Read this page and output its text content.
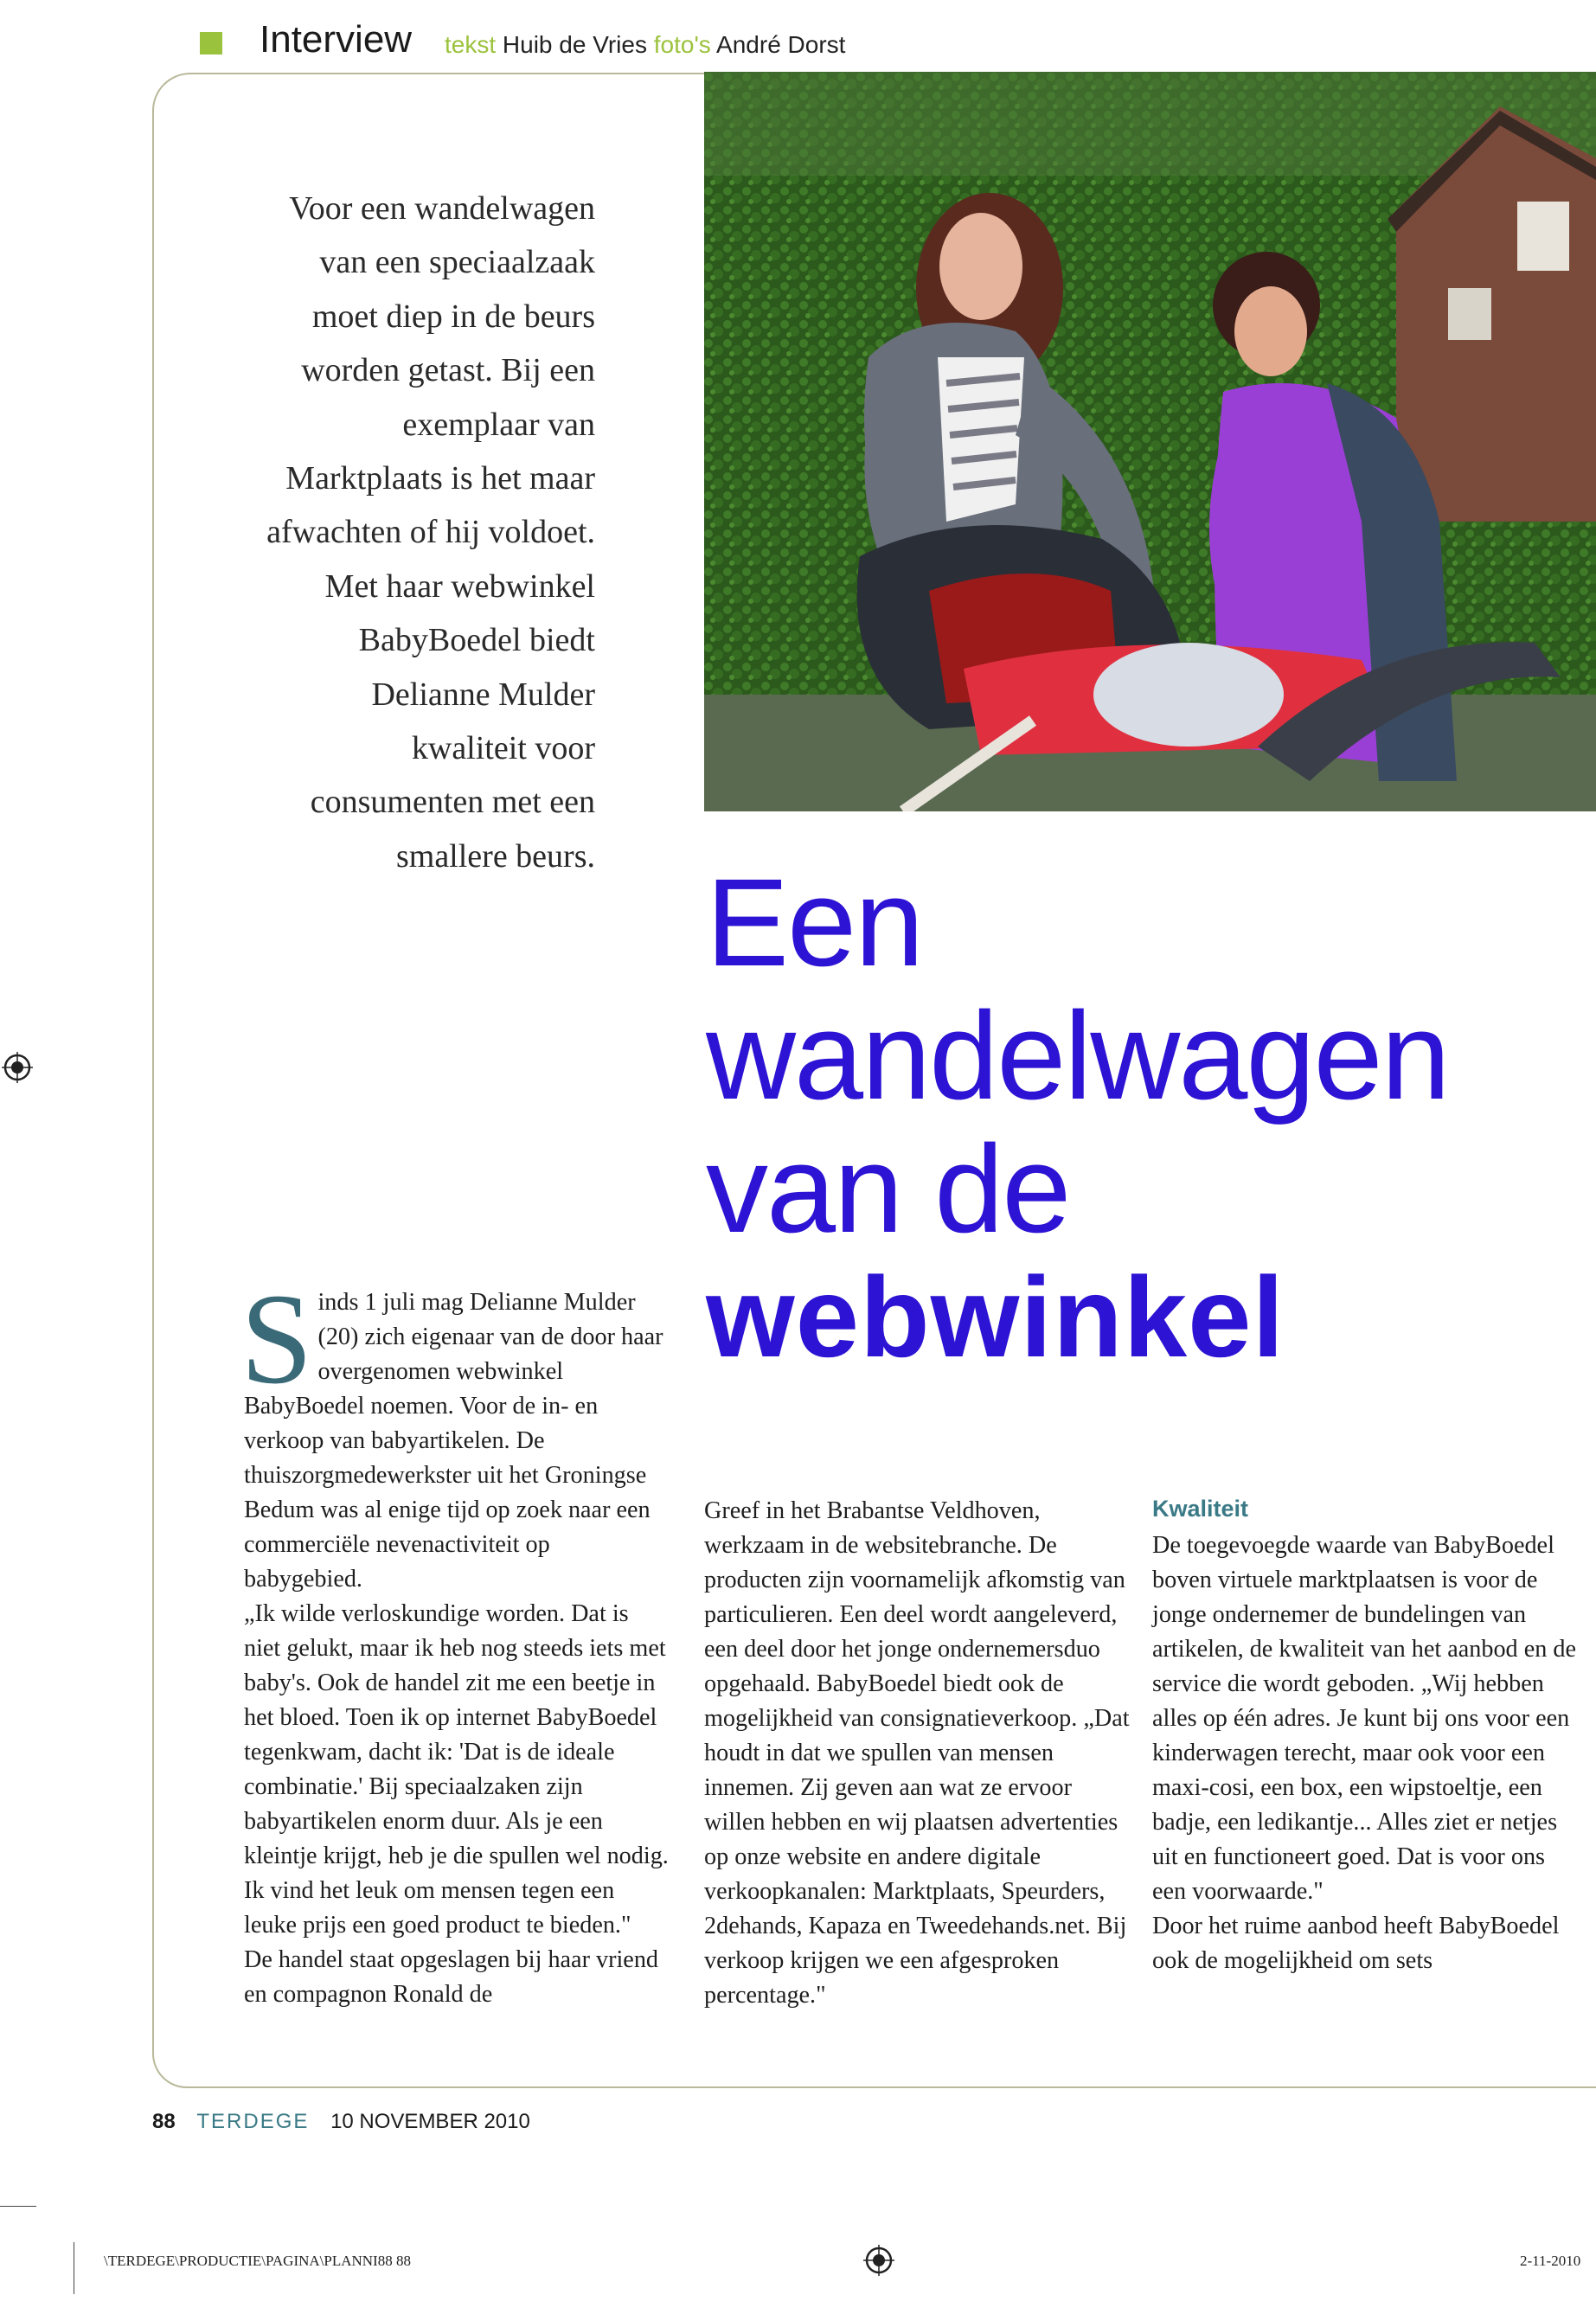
Interview tekst Huib de Vries foto's André Dorst
Voor een wandelwagen van een speciaalzaak moet diep in de beurs worden getast. Bij een exemplaar van Marktplaats is het maar afwachten of hij voldoet. Met haar webwinkel BabyBoedel biedt Delianne Mulder kwaliteit voor consumenten met een smallere beurs. Een
wandelwagen
van de
webwinkel

Sinds 1 juli mag Delianne Mulder (20) zich eigenaar van de door haar overgenomen webwinkel BabyBoedel noemen. Voor de in- en verkoop van babyartikelen. De thuiszorgmedewerkster uit het Groningse Bedum was al enige tijd op zoek naar een commerciële nevenactiviteit op babygebied.

„Ik wilde verloskundige worden. Dat is niet gelukt, maar ik heb nog steeds iets met baby's. Ook de handel zit me een beetje in het bloed. Toen ik op internet BabyBoedel tegenkwam, dacht ik: 'Dat is de ideale combinatie.' Bij speciaalzaken zijn babyartikelen enorm duur. Als je een kleintje krijgt, heb je die spullen wel nodig. Ik vind het leuk om mensen tegen een leuke prijs een goed product te bieden."

De handel staat opgeslagen bij haar vriend en compagnon Ronald de

Greef in het Brabantse Veldhoven, werkzaam in de websitebranche. De producten zijn voornamelijk afkomstig van particulieren. Een deel wordt aangeleverd, een deel door het jonge ondernemersduo opgehaald. BabyBoedel biedt ook de mogelijkheid van consignatieverkoop. „Dat houdt in dat we spullen van mensen innemen. Zij geven aan wat ze ervoor willen hebben en wij plaatsen advertenties op onze website en andere digitale verkoopkanalen: Marktplaats, Speurders, 2dehands, Kapaza en Tweedehands.net. Bij verkoop krijgen we een afgesproken percentage."

Kwaliteit

De toegevoegde waarde van BabyBoedel boven virtuele marktplaatsen is voor de jonge ondernemer de bundelingen van artikelen, de kwaliteit van het aanbod en de service die wordt geboden. „Wij hebben alles op één adres. Je kunt bij ons voor een kinderwagen terecht, maar ook voor een maxi-cosi, een box, een wipstoeltje, een badje, een ledikantje... Alles ziet er netjes uit en functioneert goed. Dat is voor ons een voorwaarde."

Door het ruime aanbod heeft BabyBoedel ook de mogelijkheid om sets

88 TERDEGE 10 NOVEMBER 2010
\TERDEGE\PRODUCTIE\PAGINA\PLANNI88 88	2-11-2010
